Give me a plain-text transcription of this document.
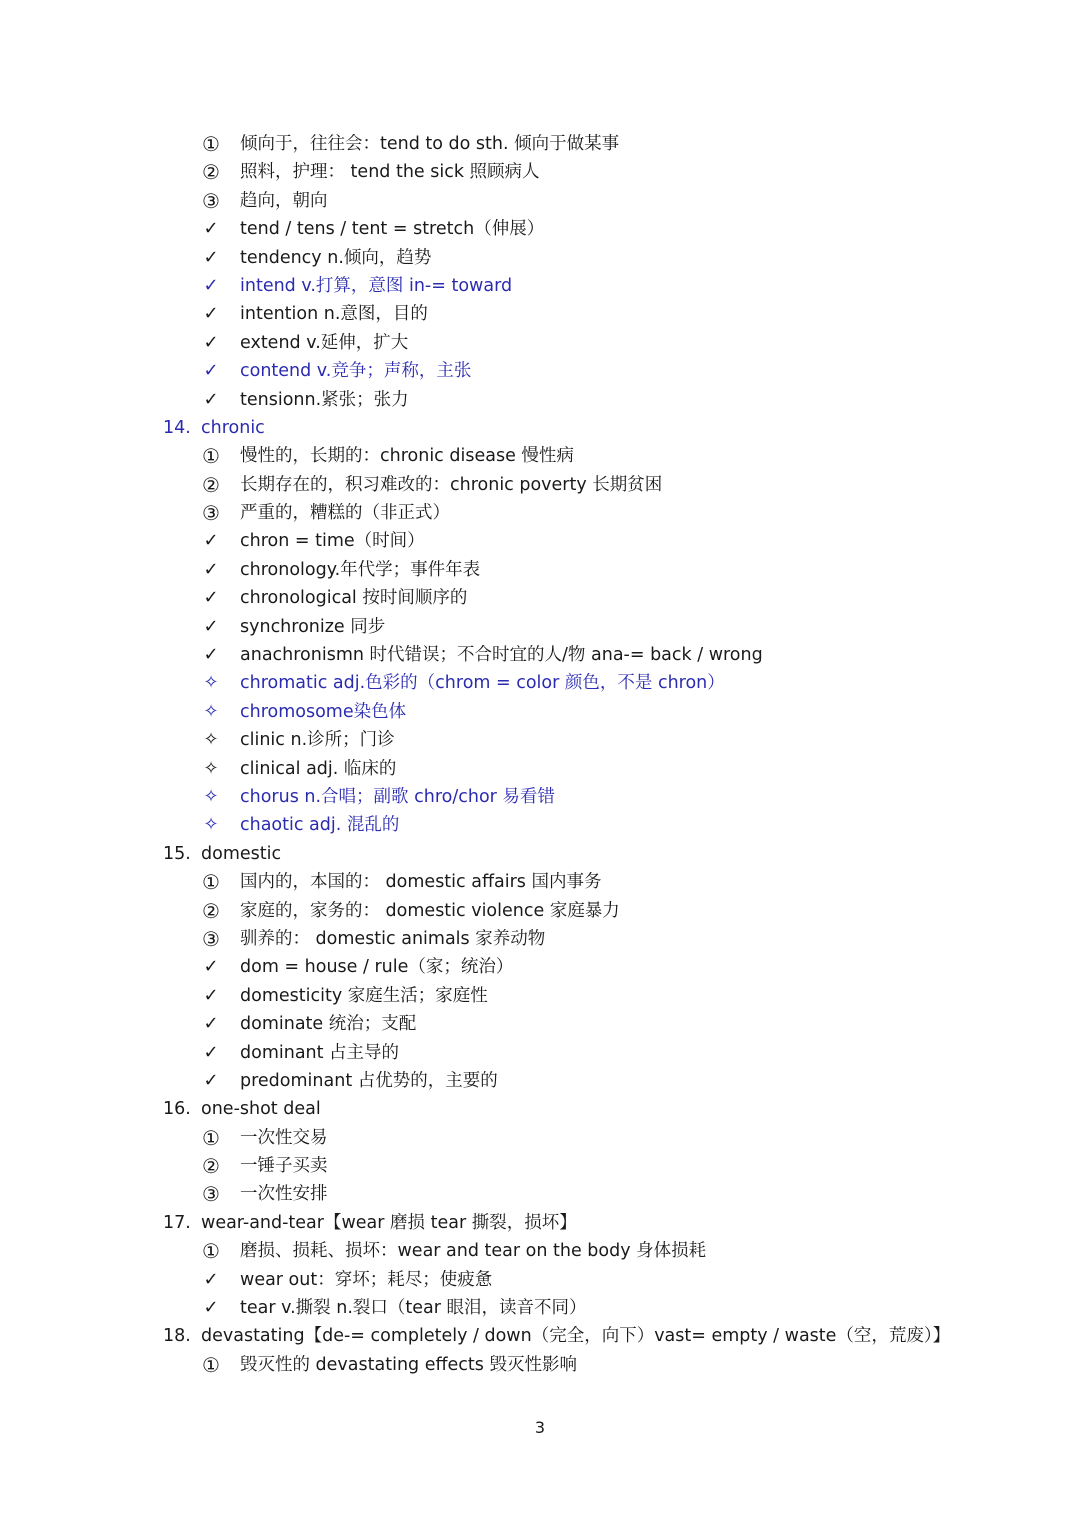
① 倾向于，往往会：tend to do sth. 倾向于做某事
② 照料，护理： tend the sick 照顾病人
③ 趋向，朝向
✓ tend / tens / tent = stretch（伸展）
✓ tendency n.倾向，趋势
✓ intend v.打算，意图 in-= toward
✓ intention n.意图，目的
✓ extend v.延伸，扩大
✓ contend v.竞争；声称，主张
✓ tensionn.紧张；张力
14. chronic
① 慢性的，长期的：chronic disease 慢性病
② 长期存在的，积习难改的：chronic poverty 长期贫困
③ 严重的，糟糕的（非正式）
✓ chron = time（时间）
✓ chronology.年代学；事件年表
✓ chronological 按时间顺序的
✓ synchronize 同步
✓ anachronismn 时代错误；不合时宜的人/物 ana-= back / wrong
✧ chromatic adj.色彩的（chrom = color 颜色，不是 chron）
✧ chromosome染色体
✧ clinic n.诊所；门诊
✧ clinical adj. 临床的
✧ chorus n.合唱；副歌 chro/chor 易看错
✧ chaotic adj. 混乱的
15. domestic
① 国内的，本国的： domestic affairs 国内事务
② 家庭的，家务的： domestic violence 家庭暴力
③ 驯养的： domestic animals 家养动物
✓ dom = house / rule（家；统治）
✓ domesticity 家庭生活；家庭性
✓ dominate 统治；支配
✓ dominant 占主导的
✓ predominant 占优势的，主要的
16. one-shot deal
① 一次性交易
② 一锤子买卖
③ 一次性安排
17. wear-and-tear【wear 磨损 tear 撕裂，损坏】
① 磨损、损耗、损坏：wear and tear on the body 身体损耗
✓ wear out：穿坏；耗尽；使疲惫
✓ tear v.撕裂 n.裂口（tear 眼泪，读音不同）
18. devastating【de-= completely / down（完全，向下）vast= empty / waste（空，荒废）】
① 毁灭性的 devastating effects 毁灭性影响
3
